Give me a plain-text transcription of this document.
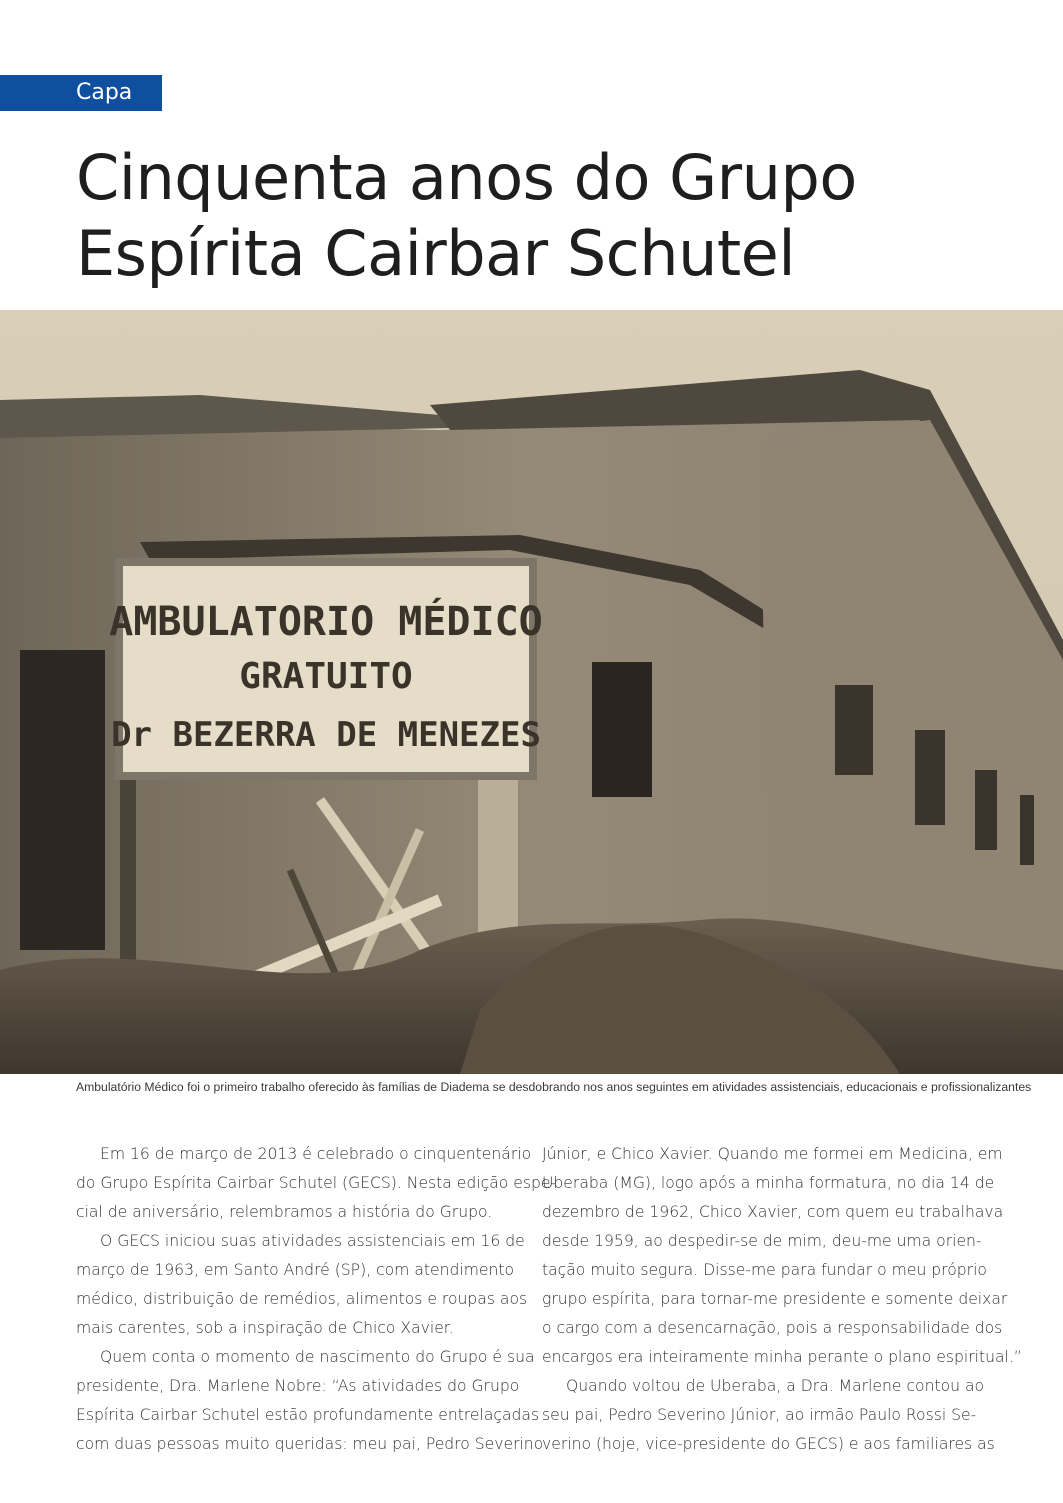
Capa
Cinquenta anos do Grupo
Espírita Cairbar Schutel
AMBULATORIO MÉDICO
GRATUITO
Dr BEZERRA DE MENEZES
Ambulatório Médico foi o primeiro trabalho oferecido às famílias de Diadema se desdobrando nos anos seguintes em atividades assistenciais, educacionais e profissionalizantes
Em 16 de março de 2013 é celebrado o cinquentenário
do Grupo Espírita Cairbar Schutel (GECS). Nesta edição espe-
cial de aniversário, relembramos a história do Grupo.
O GECS iniciou suas atividades assistenciais em 16 de
março de 1963, em Santo André (SP), com atendimento
médico, distribuição de remédios, alimentos e roupas aos
mais carentes, sob a inspiração de Chico Xavier.
Quem conta o momento de nascimento do Grupo é sua
presidente, Dra. Marlene Nobre: “As atividades do Grupo
Espírita Cairbar Schutel estão profundamente entrelaçadas
com duas pessoas muito queridas: meu pai, Pedro Severino
Júnior, e Chico Xavier. Quando me formei em Medicina, em
Uberaba (MG), logo após a minha formatura, no dia 14 de
dezembro de 1962, Chico Xavier, com quem eu trabalhava
desde 1959, ao despedir-se de mim, deu-me uma orien-
tação muito segura. Disse-me para fundar o meu próprio
grupo espírita, para tornar-me presidente e somente deixar
o cargo com a desencarnação, pois a responsabilidade dos
encargos era inteiramente minha perante o plano espiritual.”
Quando voltou de Uberaba, a Dra. Marlene contou ao
seu pai, Pedro Severino Júnior, ao irmão Paulo Rossi Se-
verino (hoje, vice-presidente do GECS) e aos familiares as
